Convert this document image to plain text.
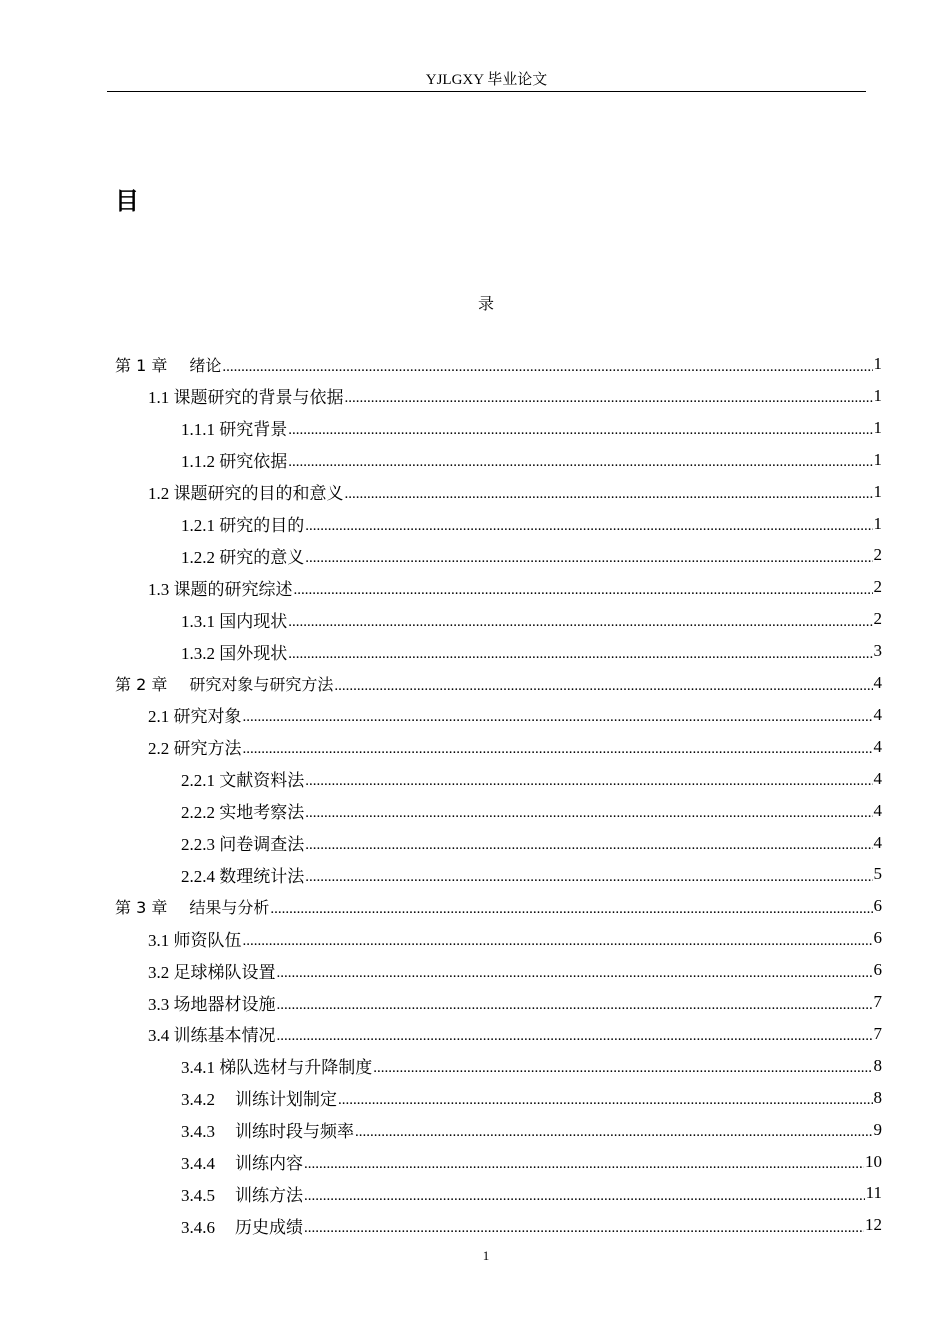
YJLGXY 毕业论文
目
录
第 1 章 绪论 .....	1
1.1 课题研究的背景与依据 .....	1
1.1.1 研究背景 .....	1
1.1.2 研究依据 .....	1
1.2 课题研究的目的和意义 .....	1
1.2.1 研究的目的 .....	1
1.2.2 研究的意义 .....	2
1.3 课题的研究综述 .....	2
1.3.1 国内现状 .....	2
1.3.2 国外现状 .....	3
第 2 章 研究对象与研究方法 .....	4
2.1 研究对象 .....	4
2.2 研究方法 .....	4
2.2.1 文献资料法 .....	4
2.2.2 实地考察法 .....	4
2.2.3 问卷调查法 .....	4
2.2.4 数理统计法 .....	5
第 3 章 结果与分析 .....	6
3.1 师资队伍 .....	6
3.2 足球梯队设置 .....	6
3.3 场地器材设施 .....	7
3.4 训练基本情况 .....	7
3.4.1 梯队选材与升降制度 .....	8
3.4.2 训练计划制定 .....	8
3.4.3 训练时段与频率 .....	9
3.4.4 训练内容 .....	10
3.4.5 训练方法 .....	11
3.4.6 历史成绩 .....	12
1
